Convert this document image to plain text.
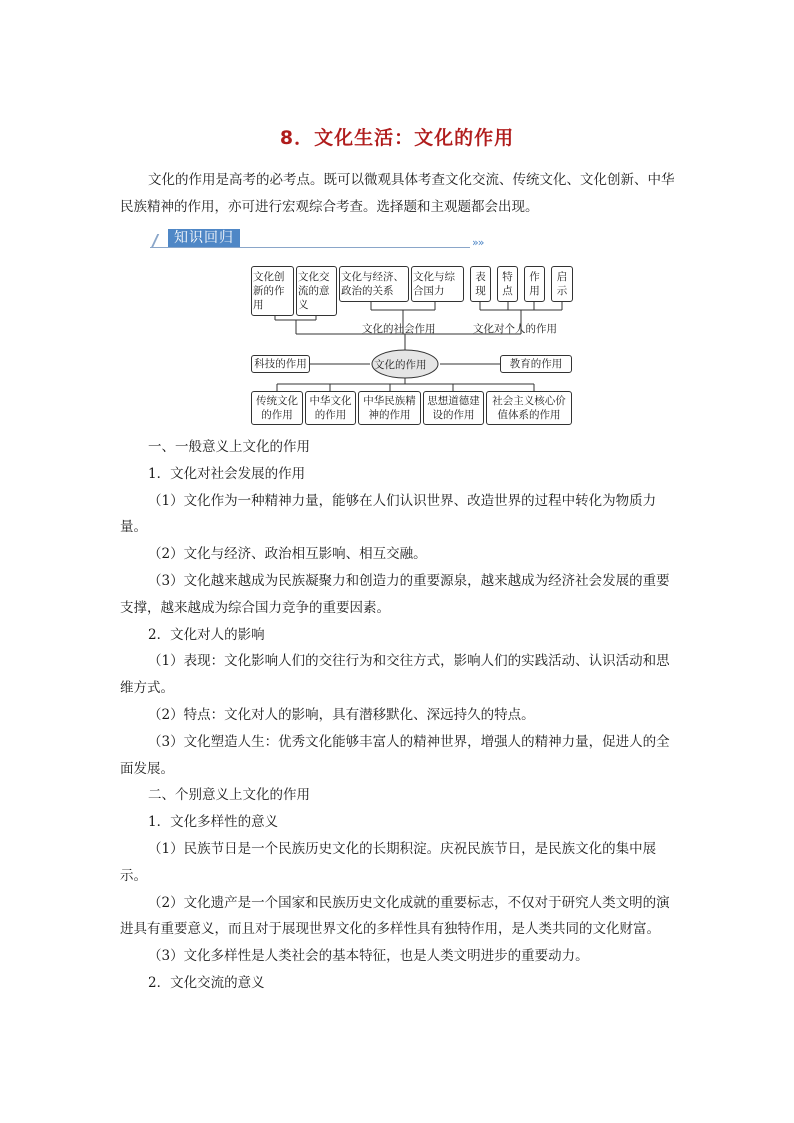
8．文化生活：文化的作用

文化的作用是高考的必考点。既可以微观具体考查文化交流、传统文化、文化创新、中华民族精神的作用，亦可进行宏观综合考查。选择题和主观题都会出现。

知识回归	»»
文化创新的作用
文化交流的意义
文化与经济、政治的关系
文化与综合国力
表现
特点
作用
启示
文化的社会作用	文化对个人的作用
文化的作用
科技的作用	教育的作用
传统文化的作用
中华文化的作用
中华民族精神的作用
思想道德建设的作用
社会主义核心价值体系的作用

一、一般意义上文化的作用

1．文化对社会发展的作用

（1）文化作为一种精神力量，能够在人们认识世界、改造世界的过程中转化为物质力量。

（2）文化与经济、政治相互影响、相互交融。

（3）文化越来越成为民族凝聚力和创造力的重要源泉，越来越成为经济社会发展的重要支撑，越来越成为综合国力竞争的重要因素。

2．文化对人的影响

（1）表现：文化影响人们的交往行为和交往方式，影响人们的实践活动、认识活动和思维方式。

（2）特点：文化对人的影响，具有潜移默化、深远持久的特点。

（3）文化塑造人生：优秀文化能够丰富人的精神世界，增强人的精神力量，促进人的全面发展。

二、个别意义上文化的作用

1．文化多样性的意义

（1）民族节日是一个民族历史文化的长期积淀。庆祝民族节日，是民族文化的集中展示。

（2）文化遗产是一个国家和民族历史文化成就的重要标志，不仅对于研究人类文明的演进具有重要意义，而且对于展现世界文化的多样性具有独特作用，是人类共同的文化财富。

（3）文化多样性是人类社会的基本特征，也是人类文明进步的重要动力。

2．文化交流的意义
